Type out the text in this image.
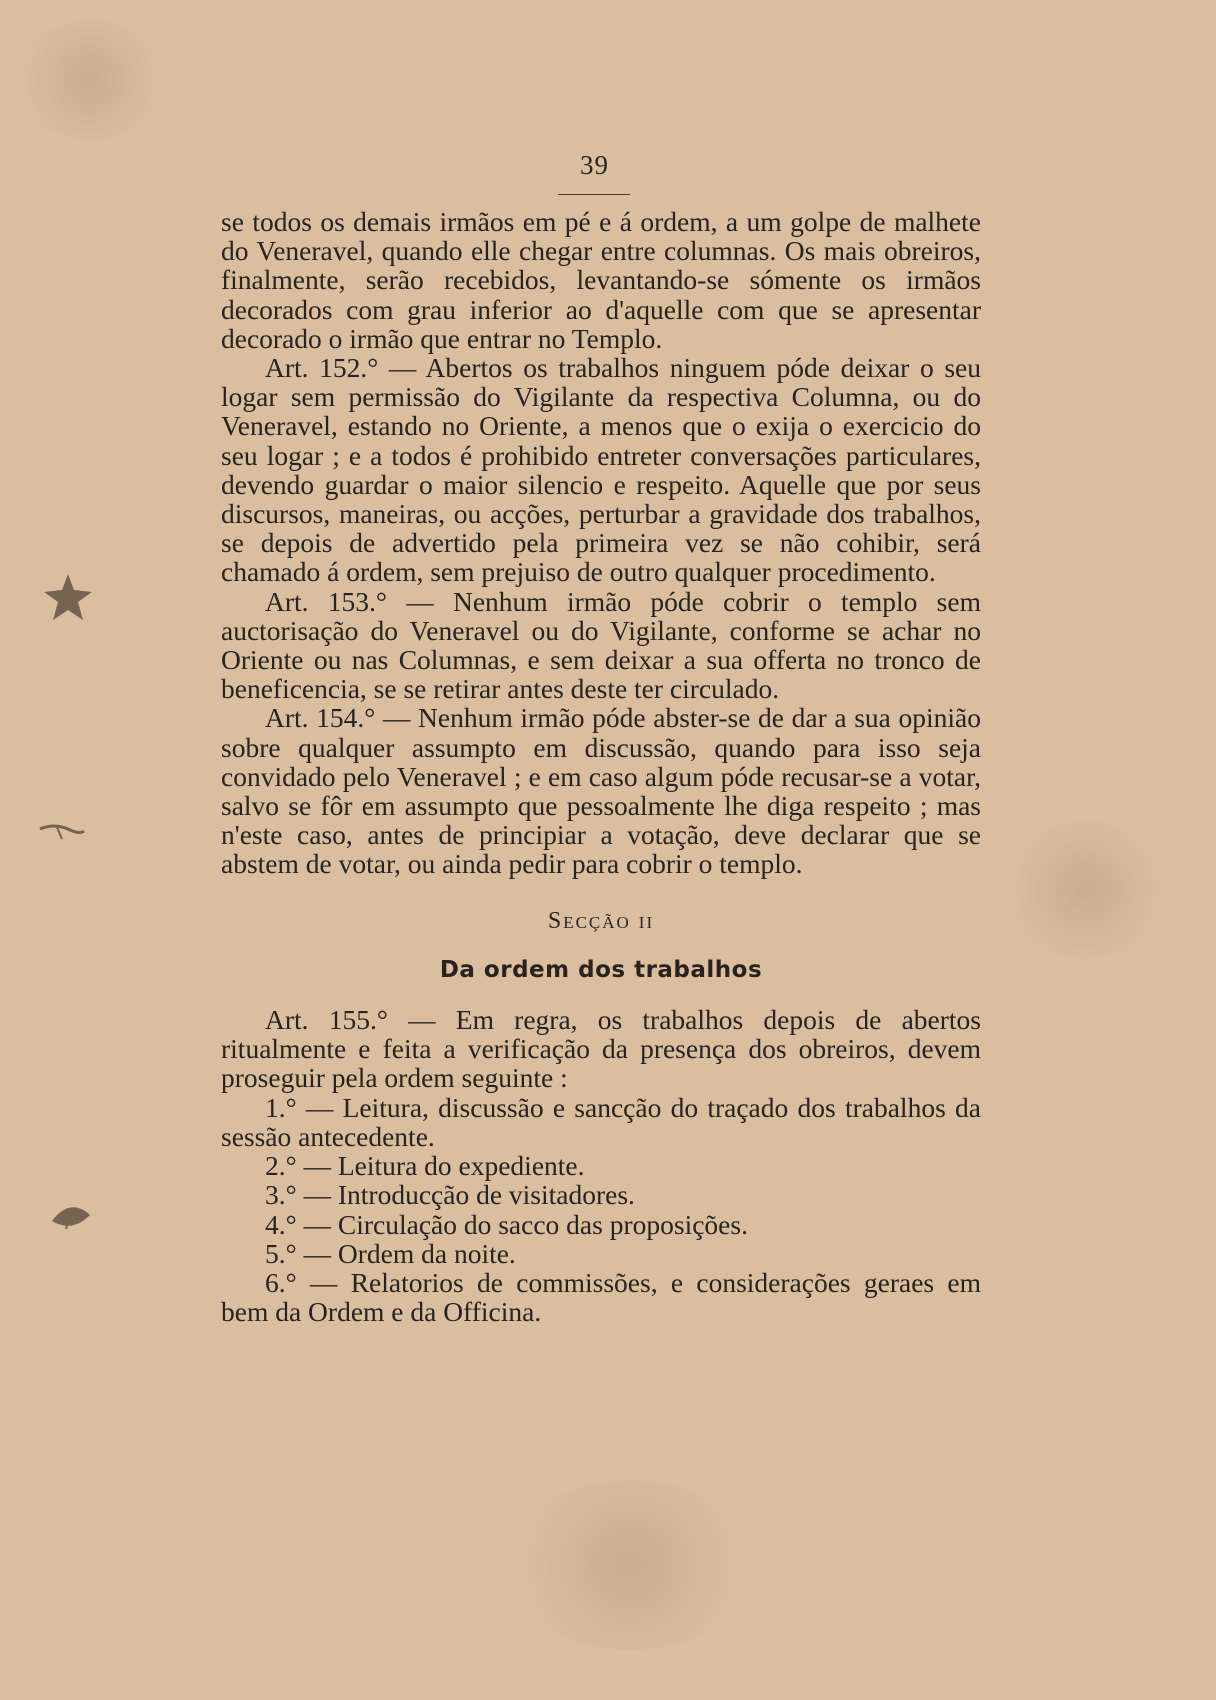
39

se todos os demais irmãos em pé e á ordem, a um golpe de malhete do Veneravel, quando elle chegar entre columnas. Os mais obreiros, finalmente, serão recebidos, levantando-se sómente os irmãos decorados com grau inferior ao d'aquelle com que se apresentar decorado o irmão que entrar no Templo.

Art. 152.° — Abertos os trabalhos ninguem póde deixar o seu logar sem permissão do Vigilante da respectiva Columna, ou do Veneravel, estando no Oriente, a menos que o exija o exercicio do seu logar ; e a todos é prohibido entreter conversações particulares, devendo guardar o maior silencio e respeito. Aquelle que por seus discursos, maneiras, ou acções, perturbar a gravidade dos trabalhos, se depois de advertido pela primeira vez se não cohibir, será chamado á ordem, sem prejuiso de outro qualquer procedimento.

Art. 153.° — Nenhum irmão póde cobrir o templo sem auctorisação do Veneravel ou do Vigilante, conforme se achar no Oriente ou nas Columnas, e sem deixar a sua offerta no tronco de beneficencia, se se retirar antes deste ter circulado.

Art. 154.° — Nenhum irmão póde abster-se de dar a sua opinião sobre qualquer assumpto em discussão, quando para isso seja convidado pelo Veneravel ; e em caso algum póde recusar-se a votar, salvo se fôr em assumpto que pessoalmente lhe diga respeito ; mas n'este caso, antes de principiar a votação, deve declarar que se abstem de votar, ou ainda pedir para cobrir o templo.

Secção ii
Da ordem dos trabalhos

Art. 155.° — Em regra, os trabalhos depois de abertos ritualmente e feita a verificação da presença dos obreiros, devem proseguir pela ordem seguinte :

1.° — Leitura, discussão e sancção do traçado dos trabalhos da sessão antecedente.

2.° — Leitura do expediente.

3.° — Introducção de visitadores.

4.° — Circulação do sacco das proposições.

5.° — Ordem da noite.

6.° — Relatorios de commissões, e considerações geraes em bem da Ordem e da Officina.
